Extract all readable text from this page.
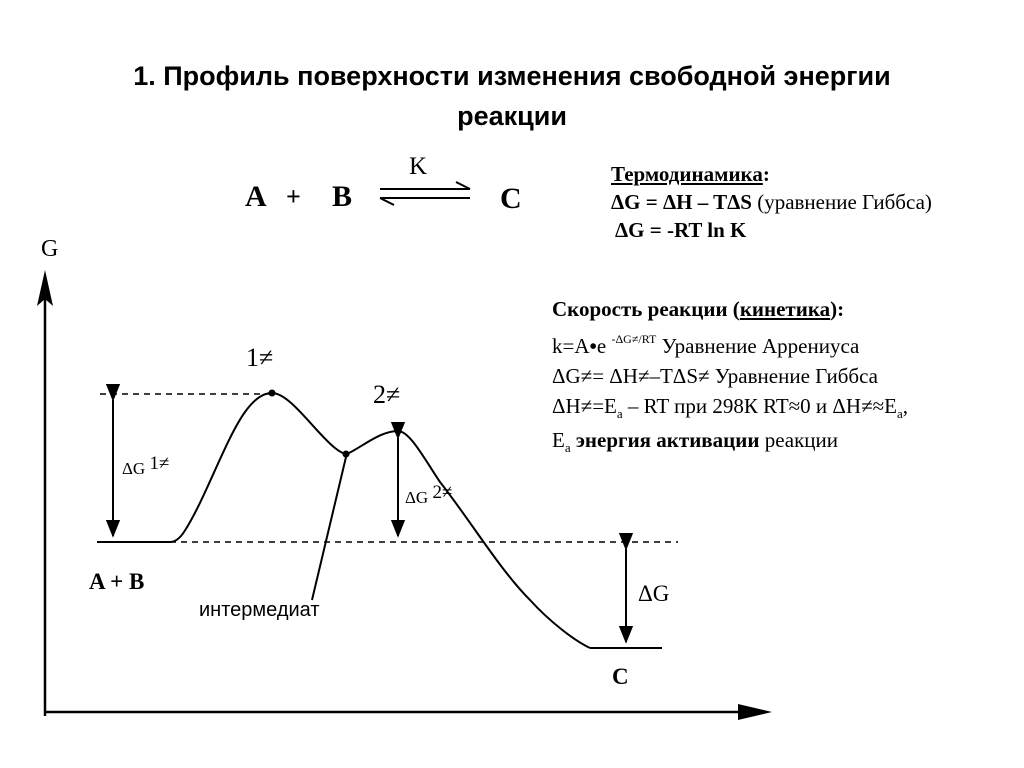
1. Профиль поверхности изменения свободной энергии
реакции
A + B
K
C
Термодинамика:
ΔG = ΔH – TΔS (уравнение Гиббса)
ΔG = -RT ln K
Скорость реакции (кинетика):
k=A•e $^{-\Delta G\ne/RT}$ Уравнение Аррениуса
ΔG≠= ΔH≠–TΔS≠ Уравнение Гиббса
$\Delta H\ne=E_a$ – RT при 298К RT≈0 и $\Delta H\ne\approx E_a$,
$E_a$ энергия активации реакции
G
1≠
2≠
ΔG 1≠
ΔG 2≠
ΔG
A + B
C
интермедиат
